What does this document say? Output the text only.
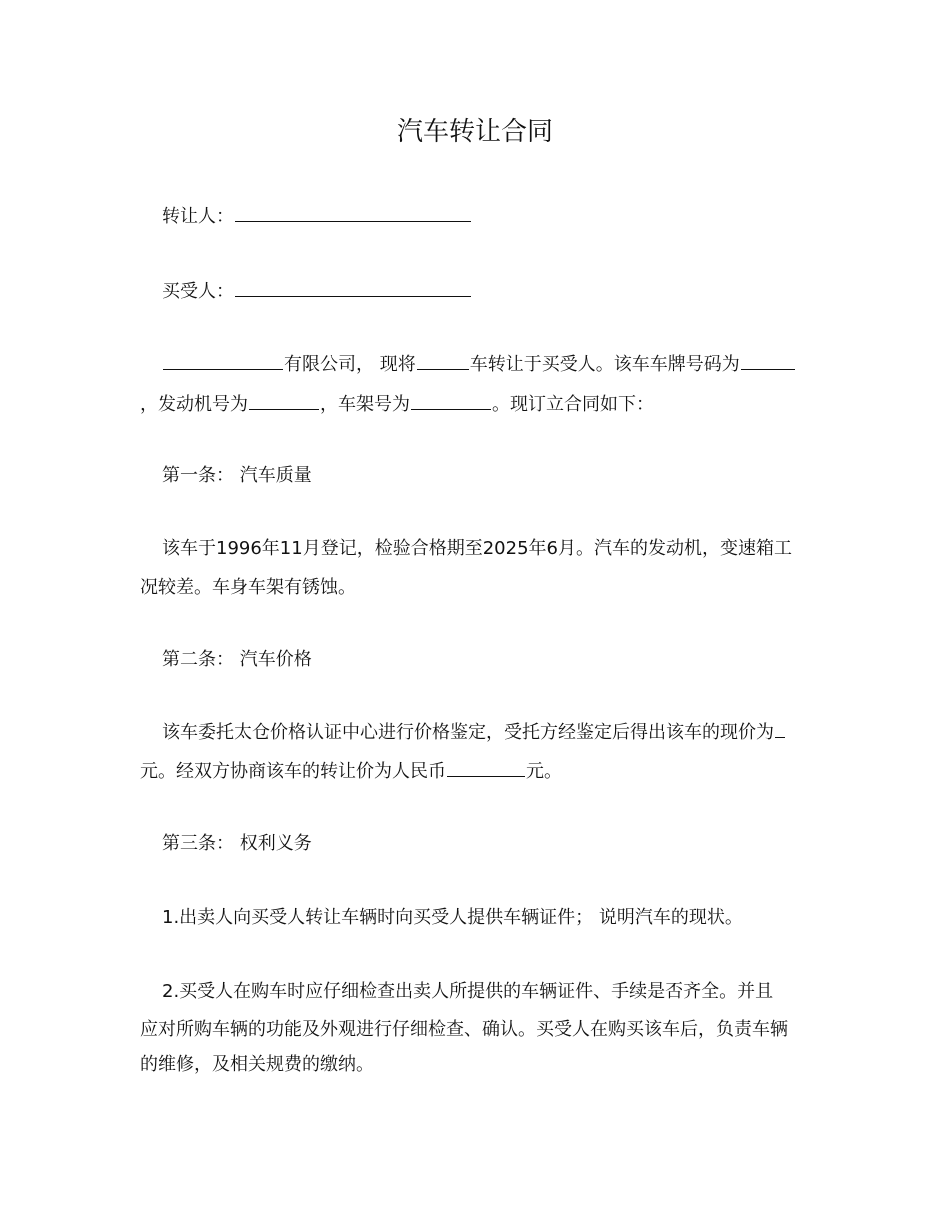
汽车转让合同
转让人：
买受人：
有限公司， 现将	车转让于买受人。该车车牌号码为
，发动机号为	，车架号为	。现订立合同如下：
第一条： 汽车质量
该车于1996年11月登记，检验合格期至2025年6月。汽车的发动机，变速箱工
况较差。车身车架有锈蚀。
第二条： 汽车价格
该车委托太仓价格认证中心进行价格鉴定，受托方经鉴定后得出该车的现价为
元。经双方协商该车的转让价为人民币	元。
第三条： 权利义务
1.出卖人向买受人转让车辆时向买受人提供车辆证件； 说明汽车的现状。
2.买受人在购车时应仔细检查出卖人所提供的车辆证件、手续是否齐全。并且
应对所购车辆的功能及外观进行仔细检查、确认。买受人在购买该车后，负责车辆
的维修，及相关规费的缴纳。
